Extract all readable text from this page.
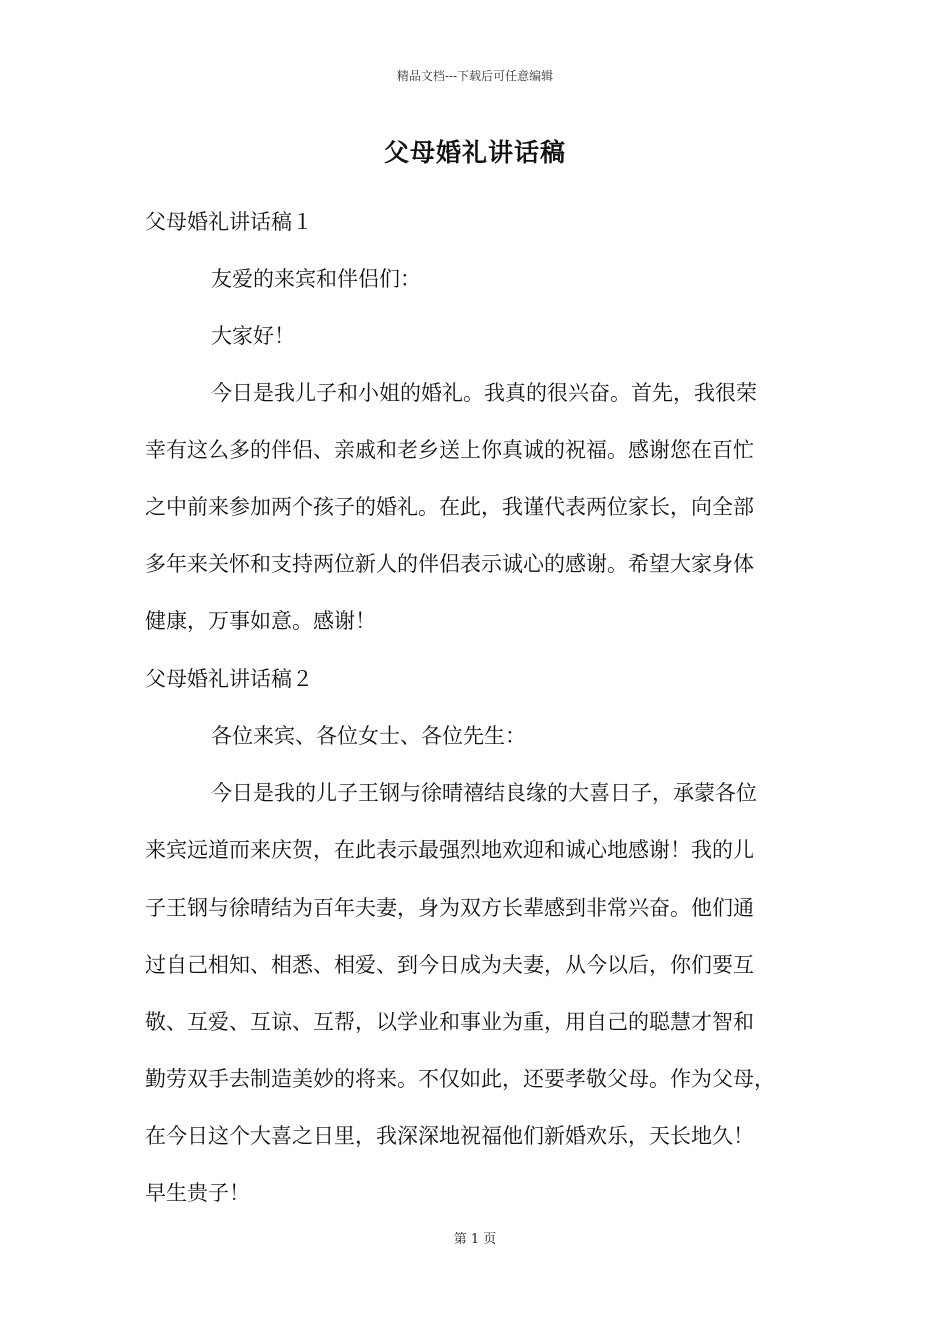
精品文档---下载后可任意编辑
父母婚礼讲话稿
父母婚礼讲话稿１
友爱的来宾和伴侣们：
大家好！
今日是我儿子和小姐的婚礼。我真的很兴奋。首先，我很荣
幸有这么多的伴侣、亲戚和老乡送上你真诚的祝福。感谢您在百忙
之中前来参加两个孩子的婚礼。在此，我谨代表两位家长，向全部
多年来关怀和支持两位新人的伴侣表示诚心的感谢。希望大家身体
健康，万事如意。感谢！
父母婚礼讲话稿２
各位来宾、各位女士、各位先生：
今日是我的儿子王钢与徐晴禧结良缘的大喜日子，承蒙各位
来宾远道而来庆贺，在此表示最强烈地欢迎和诚心地感谢！我的儿
子王钢与徐晴结为百年夫妻，身为双方长辈感到非常兴奋。他们通
过自己相知、相悉、相爱、到今日成为夫妻，从今以后，你们要互
敬、互爱、互谅、互帮，以学业和事业为重，用自己的聪慧才智和
勤劳双手去制造美妙的将来。不仅如此，还要孝敬父母。作为父母，
在今日这个大喜之日里，我深深地祝福他们新婚欢乐，天长地久！
早生贵子！
第 1 页
